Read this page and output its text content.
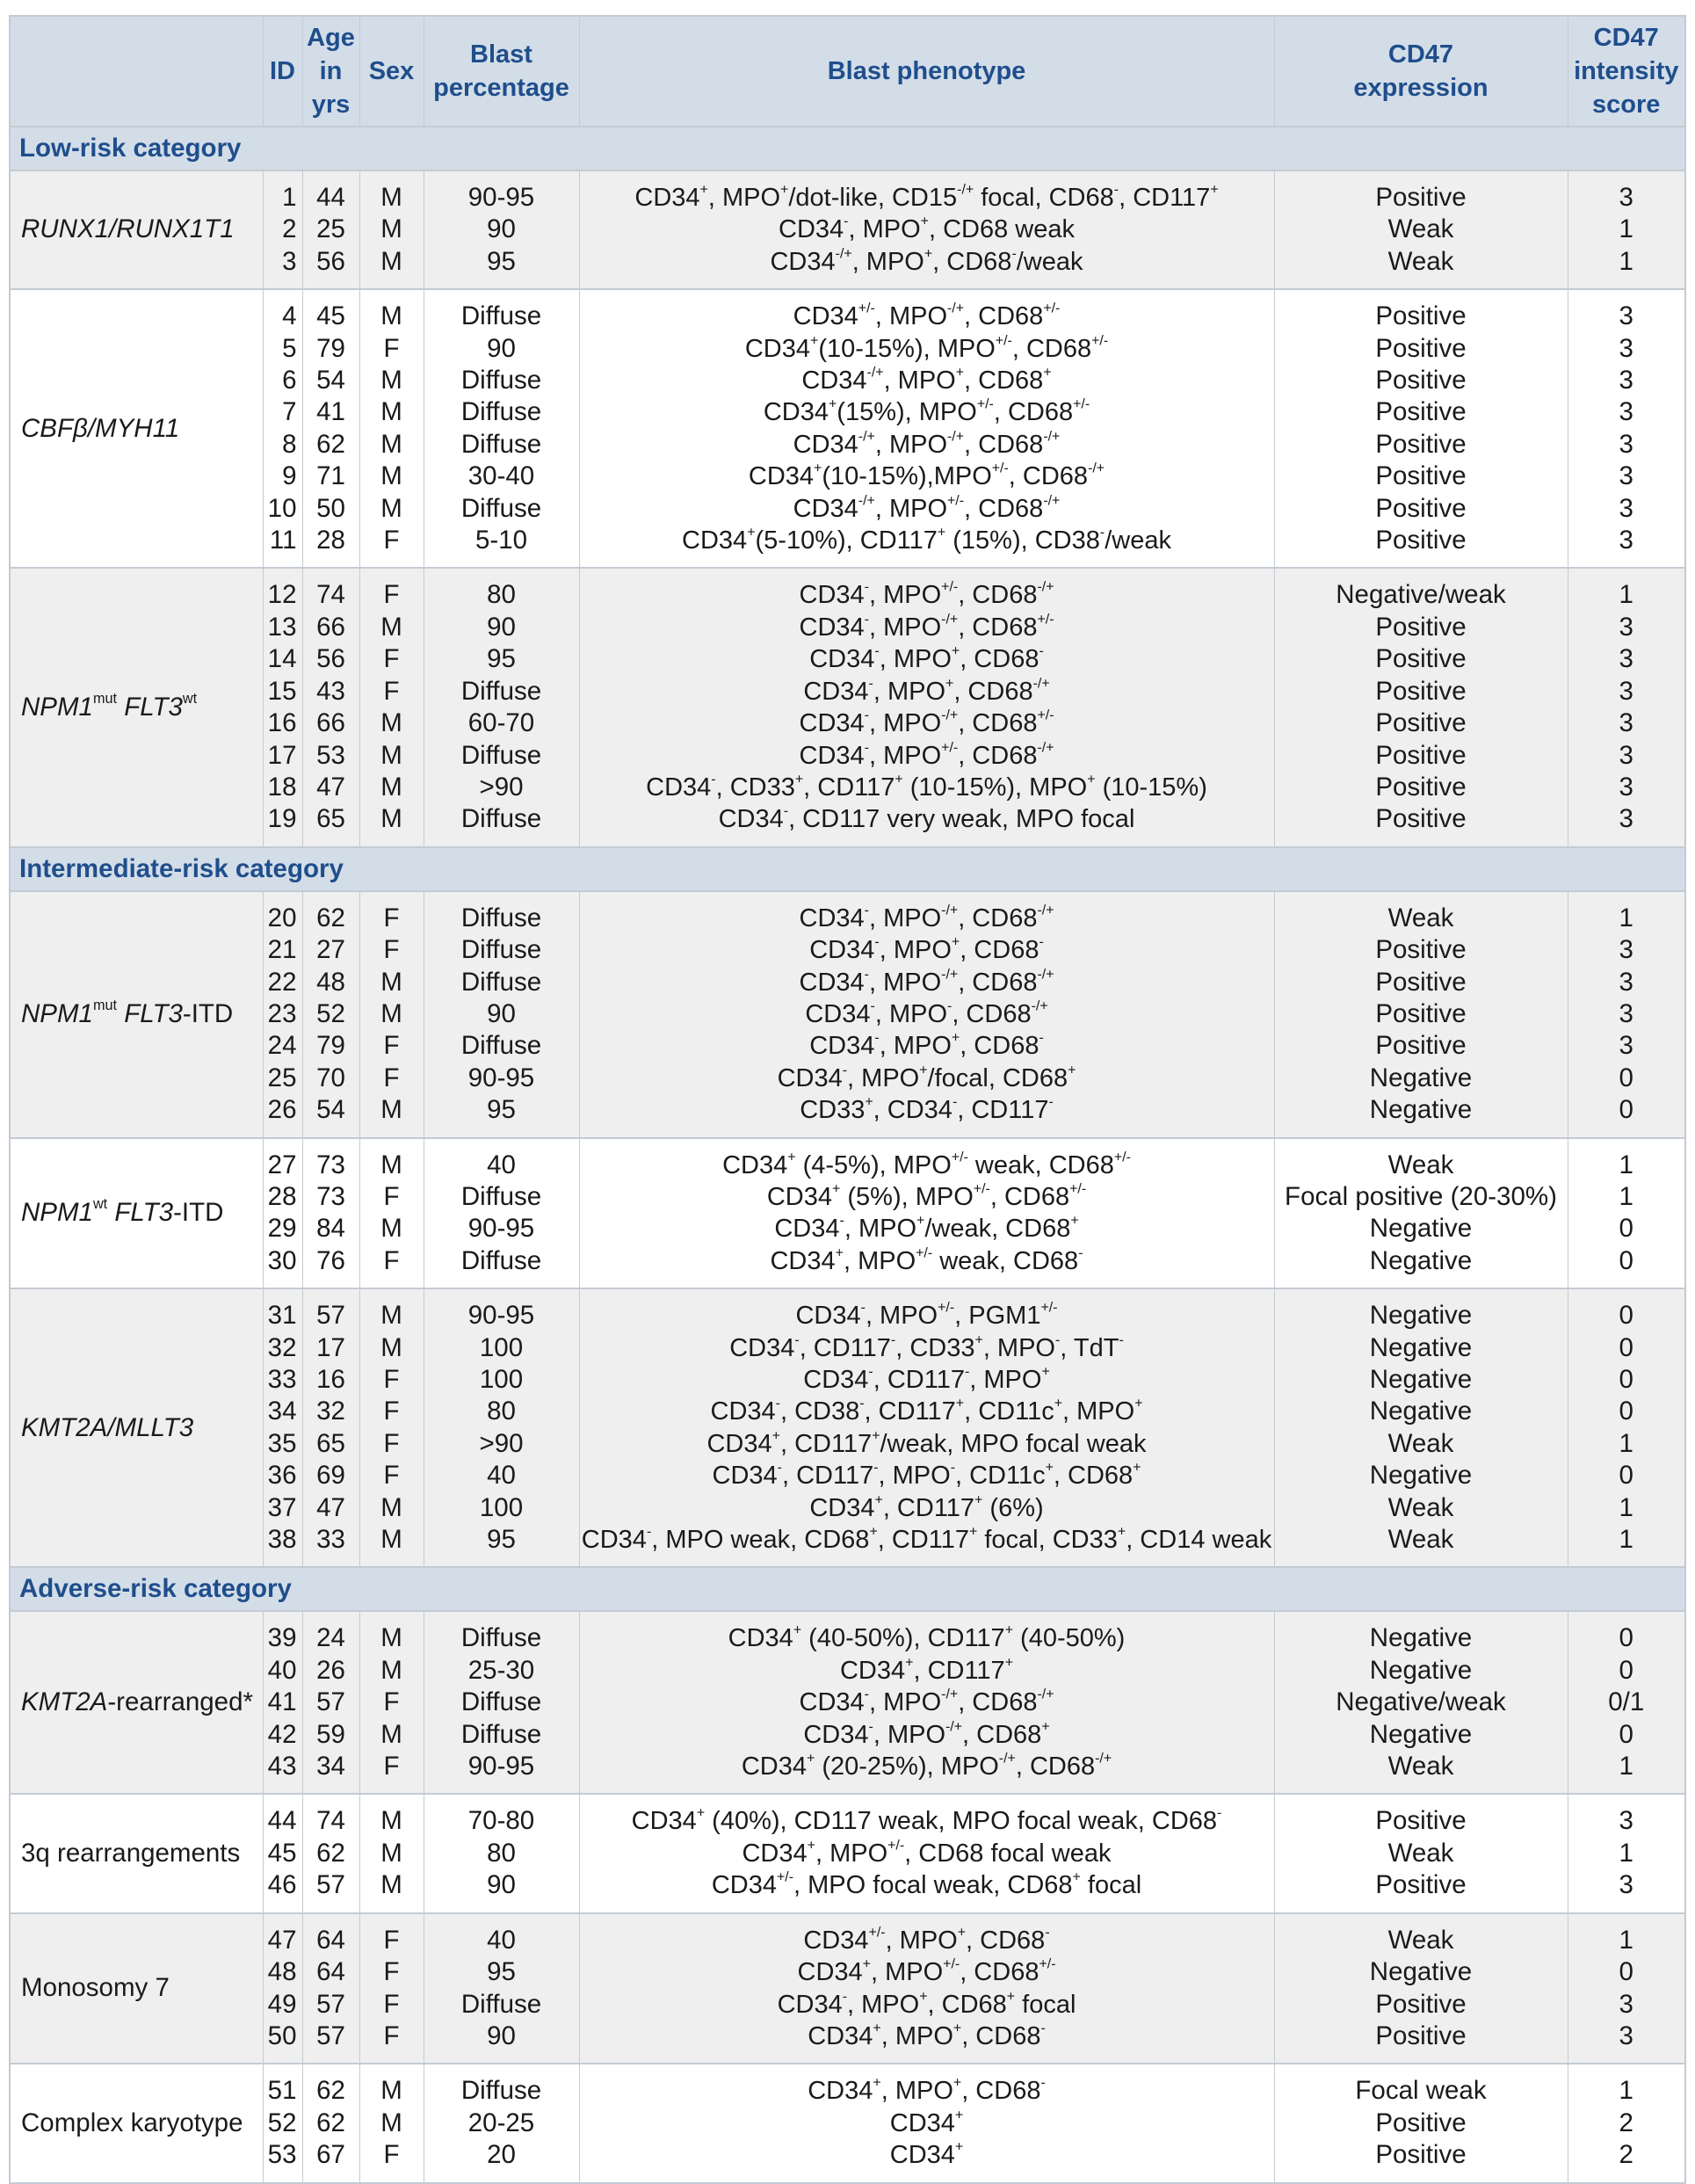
	ID	Age in yrs	Sex	Blast percentage	Blast phenotype	CD47 expression	CD47 intensity score
Low-risk category							
RUNX1/RUNX1T1	1	44	M	90-95	CD34+, MPO+/dot-like, CD15-/+ focal, CD68-, CD117+	Positive	3
	2	25	M	90	CD34-, MPO+, CD68 weak	Weak	1
	3	56	M	95	CD34-/+, MPO+, CD68-/weak	Weak	1
CBFβ/MYH11	4	45	M	Diffuse	CD34+/-, MPO-/+, CD68+/-	Positive	3
	5	79	F	90	CD34+(10-15%), MPO+/-, CD68+/-	Positive	3
	6	54	M	Diffuse	CD34-/+, MPO+, CD68+	Positive	3
	7	41	M	Diffuse	CD34+(15%), MPO+/-, CD68+/-	Positive	3
	8	62	M	Diffuse	CD34-/+, MPO-/+, CD68-/+	Positive	3
	9	71	M	30-40	CD34+(10-15%),MPO+/-, CD68-/+	Positive	3
	10	50	M	Diffuse	CD34-/+, MPO+/-, CD68-/+	Positive	3
	11	28	F	5-10	CD34+(5-10%), CD117+ (15%), CD38-/weak	Positive	3
$NPM1^{mut}$ $FLT3^{wt}$	12	74	F	80	CD34-, MPO+/-, CD68-/+	Negative/weak	1
	13	66	M	90	CD34-, MPO-/+, CD68+/-	Positive	3
	14	56	F	95	CD34-, MPO+, CD68-	Positive	3
	15	43	F	Diffuse	CD34-, MPO+, CD68-/+	Positive	3
	16	66	M	60-70	CD34-, MPO-/+, CD68+/-	Positive	3
	17	53	M	Diffuse	CD34-, MPO+/-, CD68-/+	Positive	3
	18	47	M	>90	CD34-, CD33+, CD117+ (10-15%), MPO+ (10-15%)	Positive	3
	19	65	M	Diffuse	CD34-, CD117 very weak, MPO focal	Positive	3
Intermediate-risk category							
$NPM1^{mut}$ FLT3-ITD	20	62	F	Diffuse	CD34-, MPO-/+, CD68-/+	Weak	1
	21	27	F	Diffuse	CD34-, MPO+, CD68-	Positive	3
	22	48	M	Diffuse	CD34-, MPO-/+, CD68-/+	Positive	3
	23	52	M	90	CD34-, MPO-, CD68-/+	Positive	3
	24	79	F	Diffuse	CD34-, MPO+, CD68-	Positive	3
	25	70	F	90-95	CD34-, MPO+/focal, CD68+	Negative	0
	26	54	M	95	CD33+, CD34-, CD117-	Negative	0
$NPM1^{wt}$ FLT3-ITD	27	73	M	40	CD34+ (4-5%), MPO+/- weak, CD68+/-	Weak	1
	28	73	F	Diffuse	CD34+ (5%), MPO+/-, CD68+/-	Focal positive (20-30%)	1
	29	84	M	90-95	CD34-, MPO+/weak, CD68+	Negative	0
	30	76	F	Diffuse	CD34+, MPO+/- weak, CD68-	Negative	0
KMT2A/MLLT3	31	57	M	90-95	CD34-, MPO+/-, PGM1+/-	Negative	0
	32	17	M	100	CD34-, CD117-, CD33+, MPO-, TdT-	Negative	0
	33	16	F	100	CD34-, CD117-, MPO+	Negative	0
	34	32	F	80	CD34-, CD38-, CD117+, CD11c+, MPO+	Negative	0
	35	65	F	>90	CD34+, CD117+/weak, MPO focal weak	Weak	1
	36	69	F	40	CD34-, CD117-, MPO-, CD11c+, CD68+	Negative	0
	37	47	M	100	CD34+, CD117+ (6%)	Weak	1
	38	33	M	95	CD34-, MPO weak, CD68+, CD117+ focal, CD33+, CD14 weak	Weak	1
Adverse-risk category							
KMT2A-rearranged*	39	24	M	Diffuse	CD34+ (40-50%), CD117+ (40-50%)	Negative	0
	40	26	M	25-30	CD34+, CD117+	Negative	0
	41	57	F	Diffuse	CD34-, MPO-/+, CD68-/+	Negative/weak	0/1
	42	59	M	Diffuse	CD34-, MPO-/+, CD68+	Negative	0
	43	34	F	90-95	CD34+ (20-25%), MPO-/+, CD68-/+	Weak	1
3q rearrangements	44	74	M	70-80	CD34+ (40%), CD117 weak, MPO focal weak, CD68-	Positive	3
	45	62	M	80	CD34+, MPO+/-, CD68 focal weak	Weak	1
	46	57	M	90	CD34+/-, MPO focal weak, CD68+ focal	Positive	3
Monosomy 7	47	64	F	40	CD34+/-, MPO+, CD68-	Weak	1
	48	64	F	95	CD34+, MPO+/-, CD68+/-	Negative	0
	49	57	F	Diffuse	CD34-, MPO+, CD68+ focal	Positive	3
	50	57	F	90	CD34+, MPO+, CD68-	Positive	3
Complex karyotype	51	62	M	Diffuse	CD34+, MPO+, CD68-	Focal weak	1
	52	62	M	20-25	CD34+	Positive	2
	53	67	F	20	CD34+	Positive	2
